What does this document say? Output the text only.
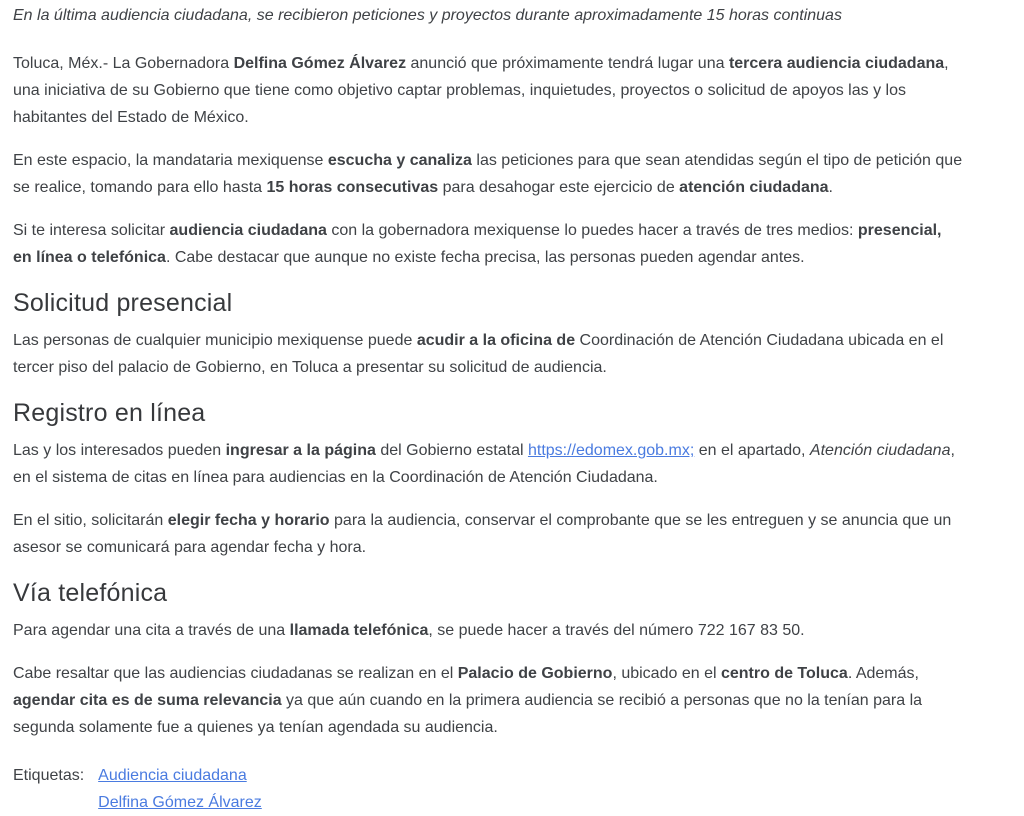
En la última audiencia ciudadana, se recibieron peticiones y proyectos durante aproximadamente 15 horas continuas

Toluca, Méx.- La Gobernadora Delfina Gómez Álvarez anunció que próximamente tendrá lugar una tercera audiencia ciudadana, una iniciativa de su Gobierno que tiene como objetivo captar problemas, inquietudes, proyectos o solicitud de apoyos las y los habitantes del Estado de México.

En este espacio, la mandataria mexiquense escucha y canaliza las peticiones para que sean atendidas según el tipo de petición que se realice, tomando para ello hasta 15 horas consecutivas para desahogar este ejercicio de atención ciudadana.

Si te interesa solicitar audiencia ciudadana con la gobernadora mexiquense lo puedes hacer a través de tres medios: presencial, en línea o telefónica. Cabe destacar que aunque no existe fecha precisa, las personas pueden agendar antes.

Solicitud presencial

Las personas de cualquier municipio mexiquense puede acudir a la oficina de Coordinación de Atención Ciudadana ubicada en el tercer piso del palacio de Gobierno, en Toluca a presentar su solicitud de audiencia.

Registro en línea

Las y los interesados pueden ingresar a la página del Gobierno estatal https://edomex.gob.mx; en el apartado, Atención ciudadana, en el sistema de citas en línea para audiencias en la Coordinación de Atención Ciudadana.

En el sitio, solicitarán elegir fecha y horario para la audiencia, conservar el comprobante que se les entreguen y se anuncia que un asesor se comunicará para agendar fecha y hora.

Vía telefónica

Para agendar una cita a través de una llamada telefónica, se puede hacer a través del número 722 167 83 50.

Cabe resaltar que las audiencias ciudadanas se realizan en el Palacio de Gobierno, ubicado en el centro de Toluca. Además, agendar cita es de suma relevancia ya que aún cuando en la primera audiencia se recibió a personas que no la tenían para la segunda solamente fue a quienes ya tenían agendada su audiencia.

Etiquetas: Audiencia ciudadana
Delfina Gómez Álvarez
